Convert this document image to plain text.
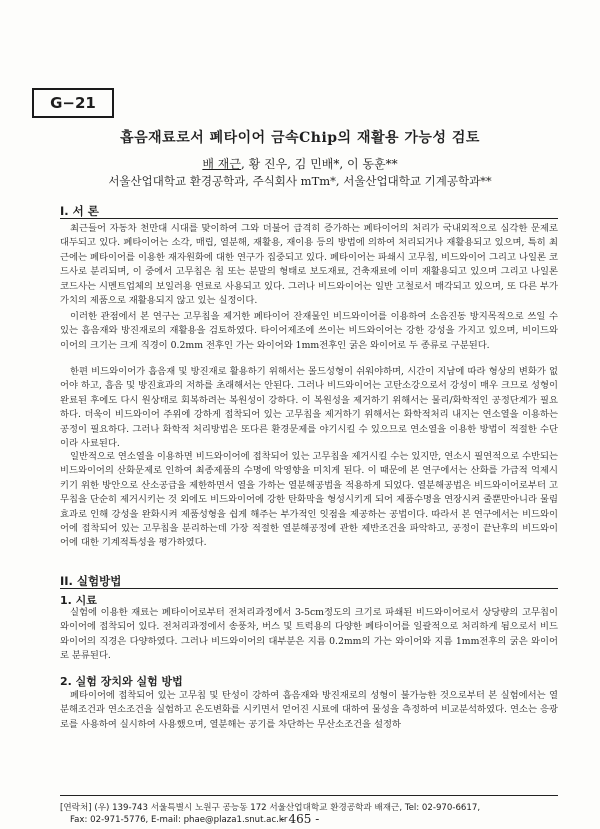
G−21
흡음재료로서 폐타이어 금속Chip의 재활용 가능성 검토
배 재근, 황 진우, 김 민배*, 이 동훈**
서울산업대학교 환경공학과, 주식회사 mTm*, 서울산업대학교 기계공학과**
I. 서 론

최근들어 자동차 천만대 시대를 맞이하여 그와 더불어 급격히 증가하는 폐타이어의 처리가 국내외적으로 심각한 문제로 대두되고 있다. 폐타이어는 소각, 매립, 열분해, 재활용, 재이용 등의 방법에 의하여 처리되거나 재활용되고 있으며, 특히 최근에는 폐타이어를 이용한 재자원화에 대한 연구가 집중되고 있다. 폐타이어는 파쇄시 고무칩, 비드와이어 그리고 나일론 코드사로 분리되며, 이 중에서 고무칩은 칩 또는 분말의 형태로 보도재료, 건축재료에 이미 재활용되고 있으며 그리고 나일론 코드사는 시멘트업체의 보일러용 연료로 사용되고 있다. 그러나 비드와이어는 일반 고철로서 매각되고 있으며, 또 다른 부가가치의 제품으로 재활용되지 않고 있는 실정이다.

이러한 관점에서 본 연구는 고무칩을 제거한 폐타이어 잔재물인 비드와이어를 이용하여 소음진동 방지목적으로 쓰일 수 있는 흡음재와 방진재로의 재활용을 검토하였다. 타이어제조에 쓰이는 비드와이어는 강한 강성을 가지고 있으며, 비이드와이어의 크기는 크게 직경이 0.2mm 전후인 가는 와이어와 1mm전후인 굵은 와이어로 두 종류로 구분된다.

한편 비드와이어가 흡음재 및 방진재로 활용하기 위해서는 몰드성형이 쉬워야하며, 시간이 지남에 따라 형상의 변화가 없어야 하고, 흡음 및 방진효과의 저하를 초래해서는 안된다. 그러나 비드와이어는 고탄소강으로서 강성이 매우 크므로 성형이 완료된 후에도 다시 원상태로 회복하려는 복원성이 강하다. 이 복원성을 제거하기 위해서는 물리/화학적인 공정단계가 필요하다. 더욱이 비드와이어 주위에 강하게 접착되어 있는 고무칩을 제거하기 위해서는 화학적처리 내지는 연소열을 이용하는 공정이 필요하다. 그러나 화학적 처리방법은 또다른 환경문제를 야기시킬 수 있으므로 연소열을 이용한 방법이 적절한 수단이라 사료된다.

일반적으로 연소열을 이용하면 비드와이어에 접착되어 있는 고무칩을 제거시킬 수는 있지만, 연소시 필연적으로 수반되는 비드와이어의 산화문제로 인하여 최종제품의 수명에 악영향을 미치게 된다. 이 때문에 본 연구에서는 산화를 가급적 억제시키기 위한 방안으로 산소공급을 제한하면서 열을 가하는 열분해공법을 적용하게 되었다. 열분해공법은 비드와이어로부터 고무칩을 단순히 제거시키는 것 외에도 비드와이어에 강한 탄화막을 형성시키게 되어 제품수명을 연장시켜 줄뿐만아니라 물림효과로 인해 강성을 완화시켜 제품성형을 쉽게 해주는 부가적인 잇점을 제공하는 공법이다. 따라서 본 연구에서는 비드와이어에 접착되어 있는 고무칩을 분리하는데 가장 적절한 열분해공정에 관한 제반조건을 파악하고, 공정이 끝난후의 비드와이어에 대한 기계적특성을 평가하였다.

II. 실험방법
1. 시료

실험에 이용한 재료는 폐타이어로부터 전처리과정에서 3-5cm정도의 크기로 파쇄된 비드와이어로서 상당량의 고무칩이 와이어에 접착되어 있다. 전처리과정에서 송풍차, 버스 및 트럭용의 다양한 폐타이어를 일괄적으로 처리하게 됨으로서 비드와이어의 직경은 다양하였다. 그러나 비드와이어의 대부분은 지름 0.2mm의 가는 와이어와 지름 1mm전후의 굵은 와이어로 분류된다.

2. 실험 장치와 실험 방법

폐타이어에 접착되어 있는 고무칩 및 탄성이 강하여 흡음재와 방진재로의 성형이 불가능한 것으로부터 본 실험에서는 열분해조건과 연소조건을 실험하고 온도변화를 시키면서 얻어진 시료에 대하여 물성을 측정하여 비교분석하였다. 연소는 응광로를 사용하여 실시하여 사용했으며, 열분해는 공기를 차단하는 무산소조건을 설정하

[연락처] (우) 139-743 서울특별시 노원구 공능동 172 서울산업대학교 환경공학과 배재근, Tel: 02-970-6617,
Fax: 02-971-5776, E-mail: phae@plaza1.snut.ac.kr
- 465 -
